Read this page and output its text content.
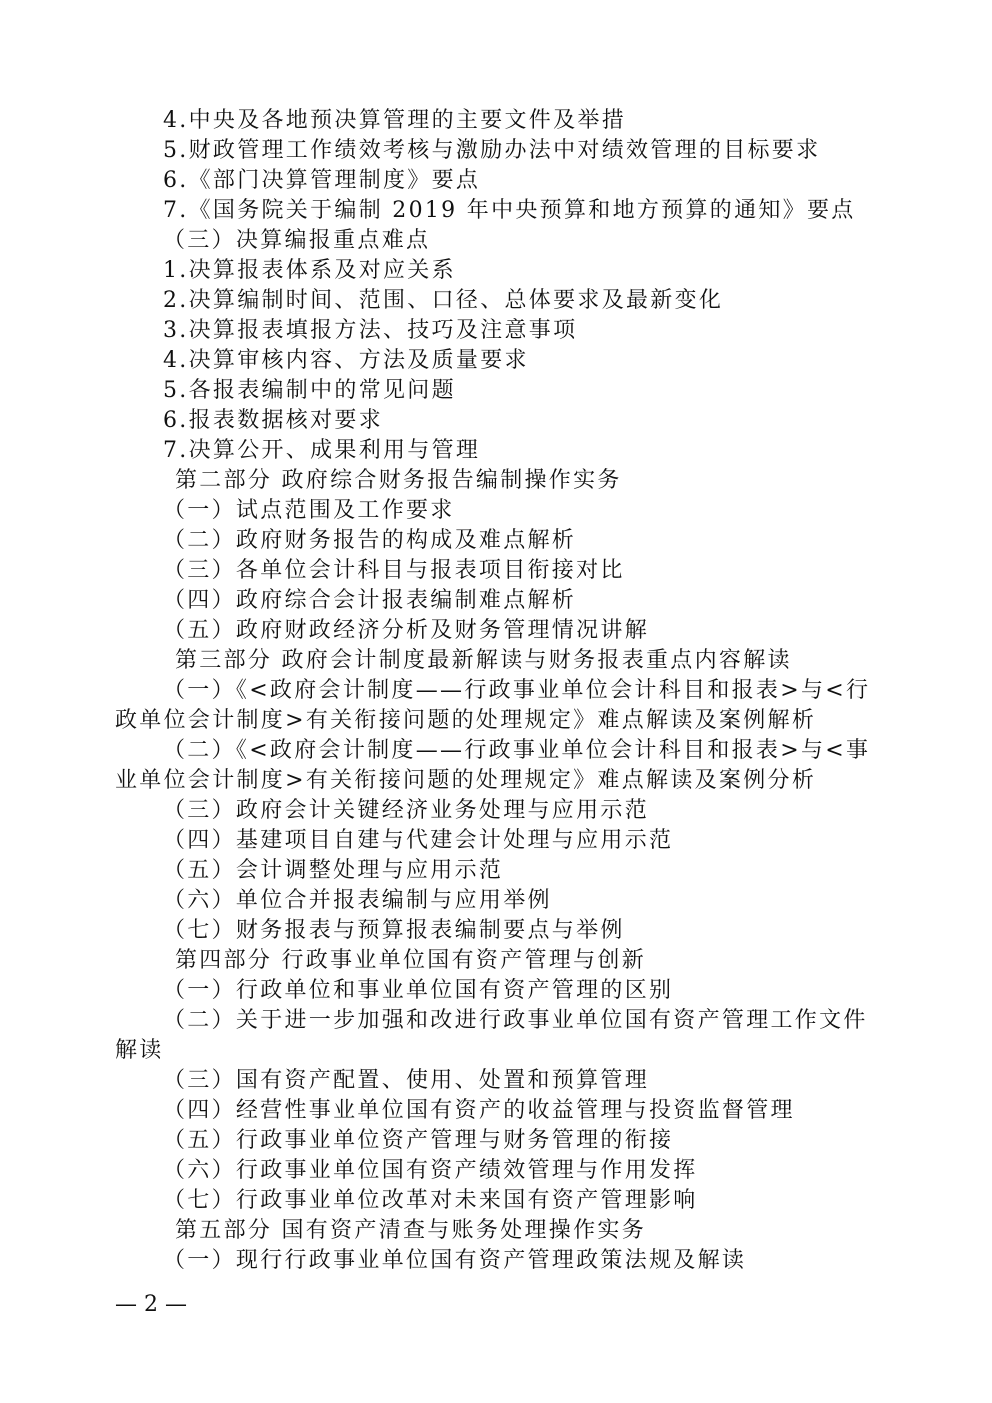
4.中央及各地预决算管理的主要文件及举措
5.财政管理工作绩效考核与激励办法中对绩效管理的目标要求
6.《部门决算管理制度》要点
7.《国务院关于编制 2019 年中央预算和地方预算的通知》要点
（三）决算编报重点难点
1.决算报表体系及对应关系
2.决算编制时间、范围、口径、总体要求及最新变化
3.决算报表填报方法、技巧及注意事项
4.决算审核内容、方法及质量要求
5.各报表编制中的常见问题
6.报表数据核对要求
7.决算公开、成果利用与管理
第二部分 政府综合财务报告编制操作实务
（一）试点范围及工作要求
（二）政府财务报告的构成及难点解析
（三）各单位会计科目与报表项目衔接对比
（四）政府综合会计报表编制难点解析
（五）政府财政经济分析及财务管理情况讲解
第三部分 政府会计制度最新解读与财务报表重点内容解读
（一）《<政府会计制度——行政事业单位会计科目和报表>与<行
政单位会计制度>有关衔接问题的处理规定》难点解读及案例解析
（二）《<政府会计制度——行政事业单位会计科目和报表>与<事
业单位会计制度>有关衔接问题的处理规定》难点解读及案例分析
（三）政府会计关键经济业务处理与应用示范
（四）基建项目自建与代建会计处理与应用示范
（五）会计调整处理与应用示范
（六）单位合并报表编制与应用举例
（七）财务报表与预算报表编制要点与举例
第四部分 行政事业单位国有资产管理与创新
（一）行政单位和事业单位国有资产管理的区别
（二）关于进一步加强和改进行政事业单位国有资产管理工作文件
解读
（三）国有资产配置、使用、处置和预算管理
（四）经营性事业单位国有资产的收益管理与投资监督管理
（五）行政事业单位资产管理与财务管理的衔接
（六）行政事业单位国有资产绩效管理与作用发挥
（七）行政事业单位改革对未来国有资产管理影响
第五部分 国有资产清查与账务处理操作实务
（一）现行行政事业单位国有资产管理政策法规及解读
— 2 —
